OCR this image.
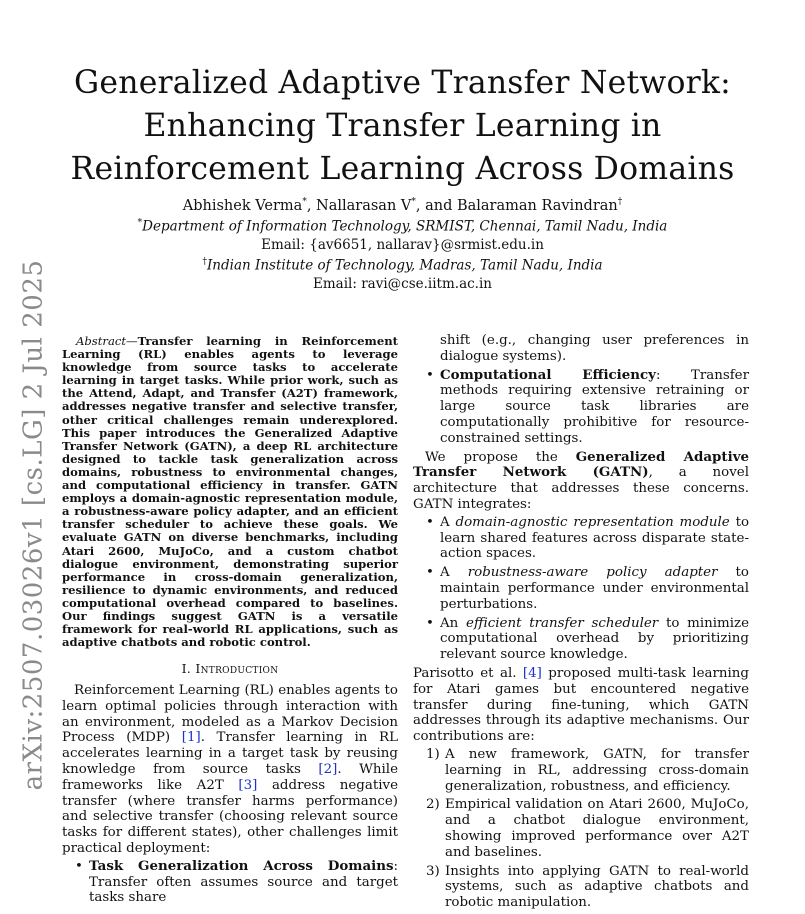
Generalized Adaptive Transfer Network:
Enhancing Transfer Learning in
Reinforcement Learning Across Domains
Abhishek Verma*, Nallarasan V*, and Balaraman Ravindran†
*Department of Information Technology, SRMIST, Chennai, Tamil Nadu, India
Email: {av6651, nallarav}@srmist.edu.in
†Indian Institute of Technology, Madras, Tamil Nadu, India
Email: ravi@cse.iitm.ac.in
arXiv:2507.03026v1 [cs.LG] 2 Jul 2025	Abstract—Transfer learning in Reinforcement Learning (RL) enables agents to leverage knowledge from source tasks to accelerate learning in target tasks. While prior work, such as the Attend, Adapt, and Transfer (A2T) framework, addresses negative transfer and selective transfer, other critical challenges remain underexplored. This paper introduces the Generalized Adaptive Transfer Network (GATN), a deep RL architecture designed to tackle task generalization across domains, robustness to environmental changes, and computational efficiency in transfer. GATN employs a domain-agnostic representation module, a robustness-aware policy adapter, and an efficient transfer scheduler to achieve these goals. We evaluate GATN on diverse benchmarks, including Atari 2600, MuJoCo, and a custom chatbot dialogue environment, demonstrating superior performance in cross-domain generalization, resilience to dynamic environments, and reduced computational overhead compared to baselines. Our findings suggest GATN is a versatile framework for real-world RL applications, such as adaptive chatbots and robotic control.

I. Introduction

Reinforcement Learning (RL) enables agents to learn optimal policies through interaction with an environment, modeled as a Markov Decision Process (MDP) [1]. Transfer learning in RL accelerates learning in a target task by reusing knowledge from source tasks [2]. While frameworks like A2T [3] address negative transfer (where transfer harms performance) and selective transfer (choosing relevant source tasks for different states), other challenges limit practical deployment:

• Task Generalization Across Domains: Transfer often assumes source and target tasks share

shift (e.g., changing user preferences in dialogue systems).

• Computational Efficiency: Transfer methods requiring extensive retraining or large source task libraries are computationally prohibitive for resource-constrained settings.

We propose the Generalized Adaptive Transfer Network (GATN), a novel architecture that addresses these concerns. GATN integrates:

• A domain-agnostic representation module to learn shared features across disparate state-action spaces.
• A robustness-aware policy adapter to maintain performance under environmental perturbations.
• An efficient transfer scheduler to minimize computational overhead by prioritizing relevant source knowledge.

Parisotto et al. [4] proposed multi-task learning for Atari games but encountered negative transfer during fine-tuning, which GATN addresses through its adaptive mechanisms. Our contributions are:

1) A new framework, GATN, for transfer learning in RL, addressing cross-domain generalization, robustness, and efficiency.
2) Empirical validation on Atari 2600, MuJoCo, and a chatbot dialogue environment, showing improved performance over A2T and baselines.
3) Insights into applying GATN to real-world systems, such as adaptive chatbots and robotic manipulation.
